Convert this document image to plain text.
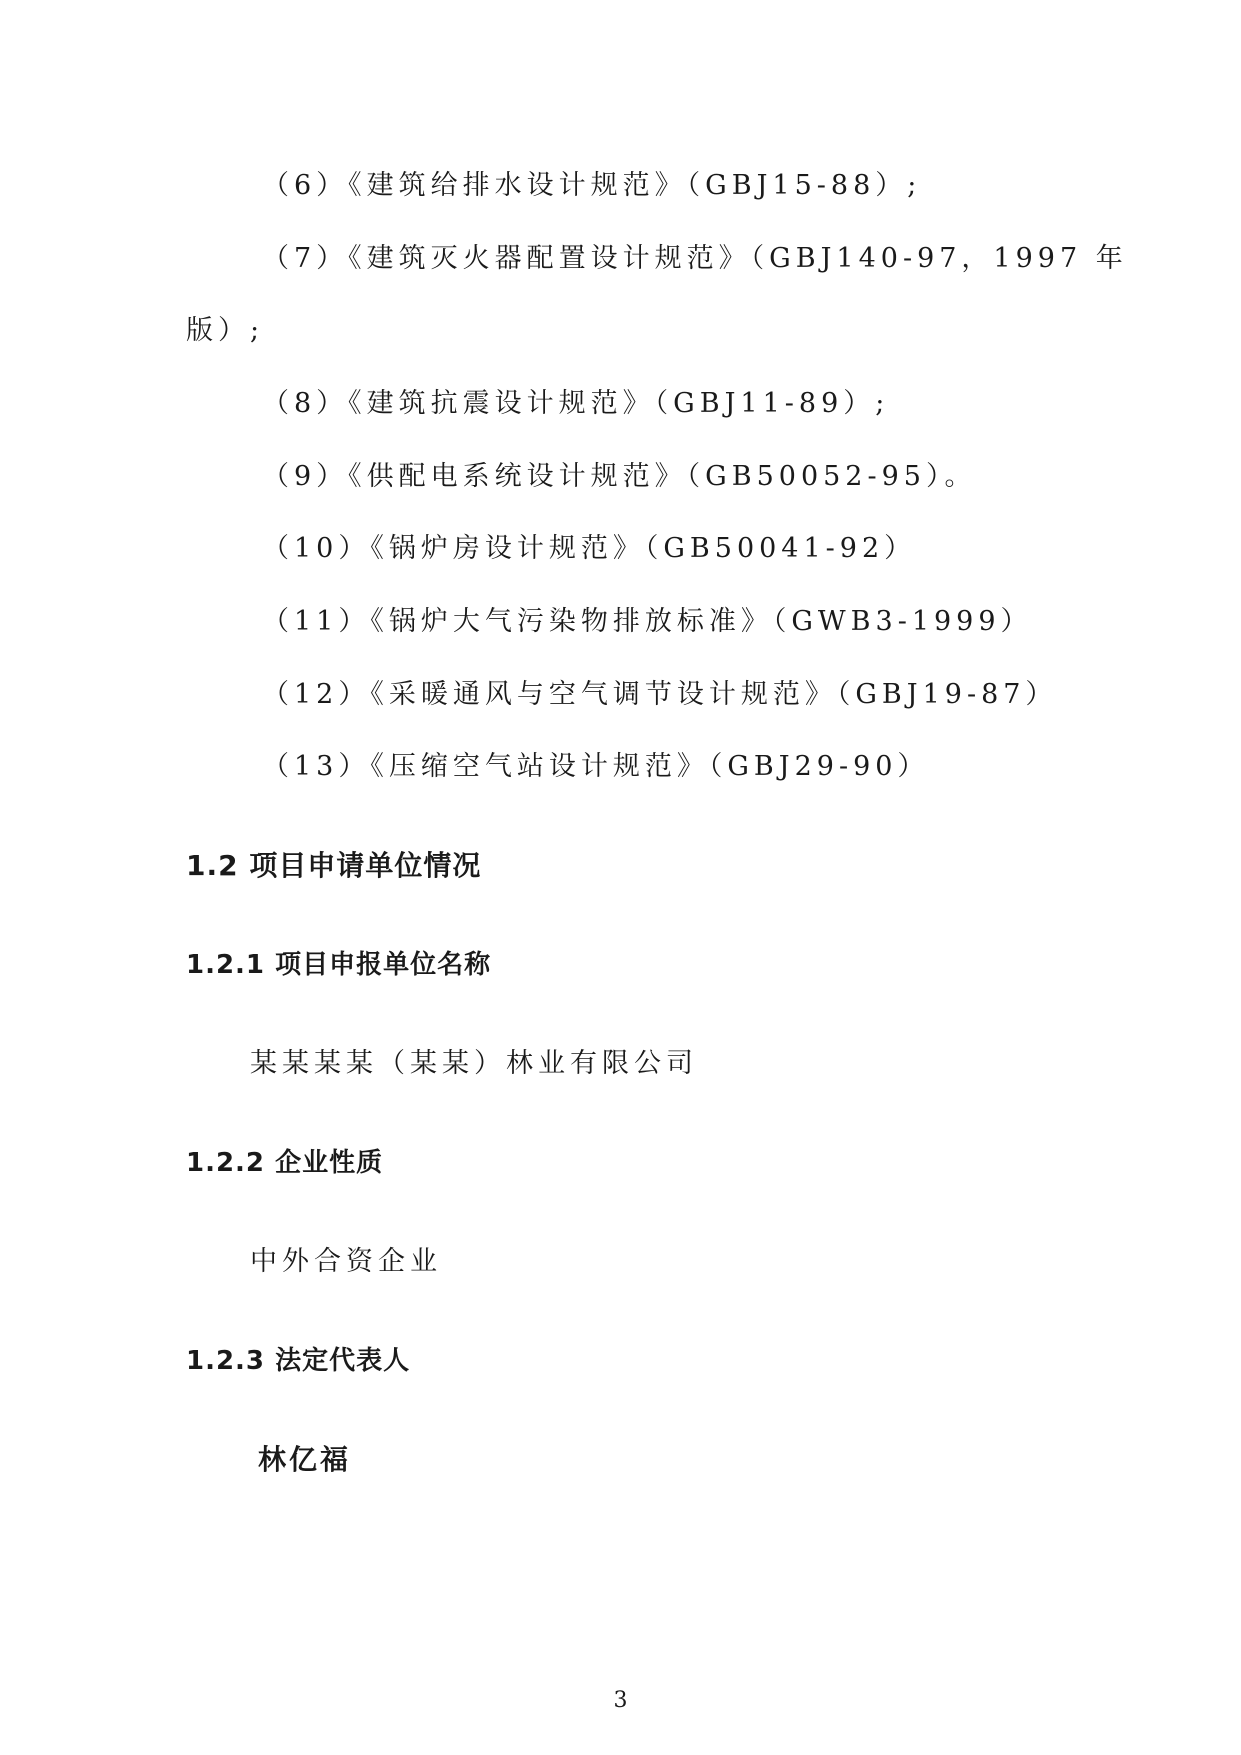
（6）《建筑给排水设计规范》（GBJ15-88）;
（7）《建筑灭火器配置设计规范》（GBJ140-97，1997 年
版）;
（8）《建筑抗震设计规范》（GBJ11-89）;
（9）《供配电系统设计规范》（GB50052-95）。
（10）《锅炉房设计规范》（GB50041-92）
（11）《锅炉大气污染物排放标准》（GWB3-1999）
（12）《采暖通风与空气调节设计规范》（GBJ19-87）
（13）《压缩空气站设计规范》（GBJ29-90）
1.2 项目申请单位情况
1.2.1 项目申报单位名称
某某某某（某某）林业有限公司
1.2.2 企业性质
中外合资企业
1.2.3 法定代表人
林亿福
3
